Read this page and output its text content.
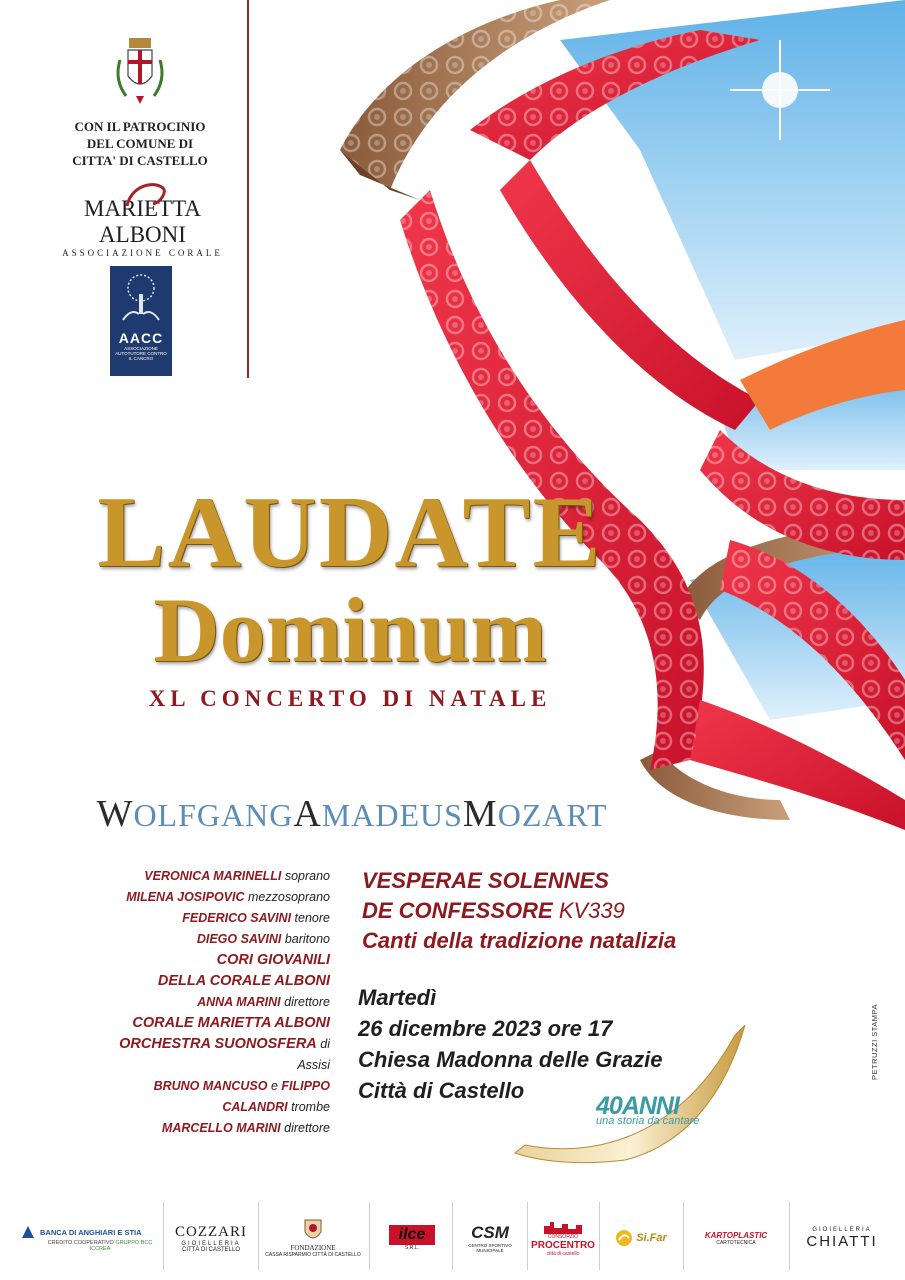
CON IL PATROCINIO
DEL COMUNE DI
CITTA' DI CASTELLO
MARIETTA ALBONI
ASSOCIAZIONE CORALE
AACC
ASSOCIAZIONE AUTOTUTORE CONTRO IL CANCRO
LAUDATE
Dominum
XL CONCERTO DI NATALE
WOLFGANGAMADEUSMOZART
VERONICA MARINELLI soprano
MILENA JOSIPOVIC mezzosoprano
FEDERICO SAVINI tenore
DIEGO SAVINI baritono
CORI GIOVANILI
DELLA CORALE ALBONI
ANNA MARINI direttore
CORALE MARIETTA ALBONI
ORCHESTRA SUONOSFERA di Assisi
BRUNO MANCUSO e FILIPPO CALANDRI trombe
MARCELLO MARINI direttore
VESPERAE SOLENNES
DE CONFESSORE KV339
Canti della tradizione natalizia
Martedì
26 dicembre 2023 ore 17
Chiesa Madonna delle Grazie
Città di Castello
40ANNI
una storia da cantare
PETRUZZI STAMPA
BANCA DI ANGHIARI E STIA
CREDITO COOPERATIVO GRUPPO BCC ICCREA
COZZARI
GIOIELLERIA
CITTÀ DI CASTELLO	FONDAZIONE
CASSA RISPARMIO CITTÀ DI CASTELLO
ilce
S.R.L.
CSM
CENTRO SPORTIVO MUNICIPALE
CONSORZIO
PROCENTRO
città di castello
Si.Far	KARTOPLASTIC
CARTOTECNICA
GIOIELLERIA
CHIATTI
